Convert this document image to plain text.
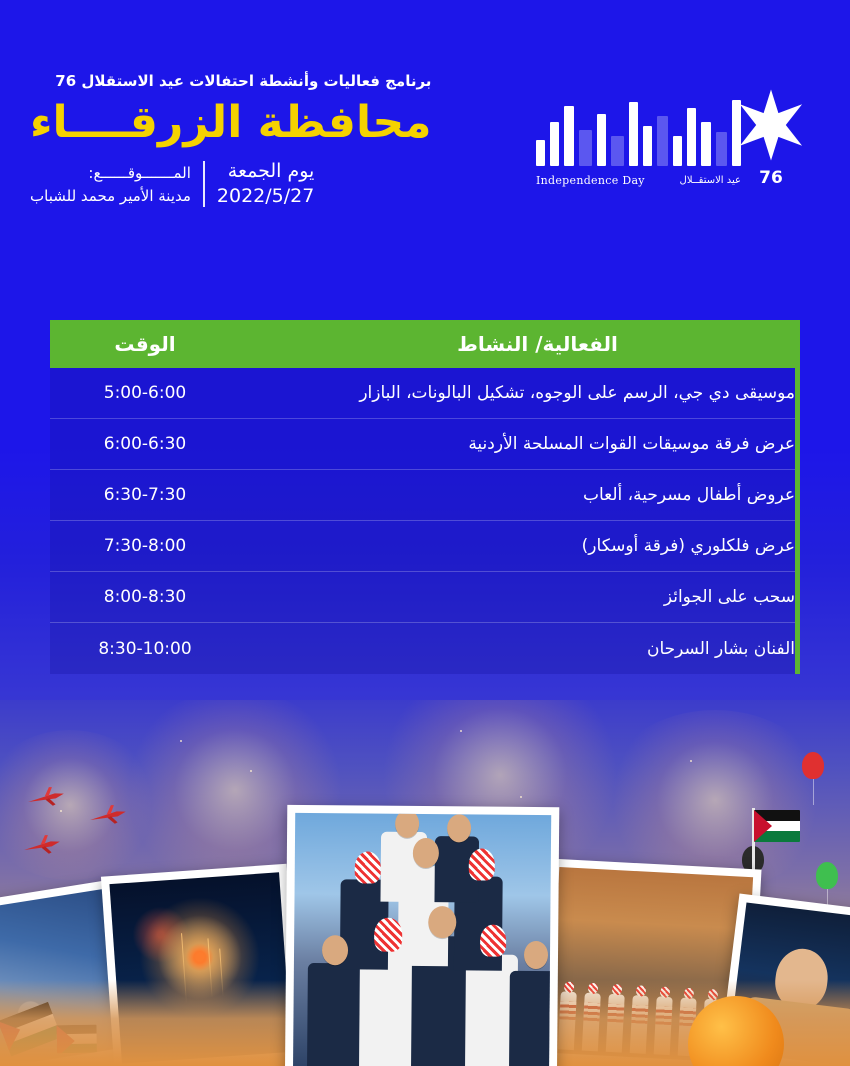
برنامج فعاليات وأنشطة احتفالات عيد الاستقلال 76
محافظة الزرقــــاء
يوم الجمعة
2022/5/27
المـــــــوقــــــع:
مدينة الأمير محمد للشباب
Independence Day	عيد الاستقــلال	76
الفعالية/ النشاط
الوقت
موسيقى دي جي، الرسم على الوجوه، تشكيل البالونات، البازار
5:00-6:00
عرض فرقة موسيقات القوات المسلحة الأردنية
6:00-6:30
عروض أطفال مسرحية، ألعاب
6:30-7:30
عرض فلكلوري (فرقة أوسكار)
7:30-8:00
سحب على الجوائز
8:00-8:30
الفنان بشار السرحان
8:30-10:00
